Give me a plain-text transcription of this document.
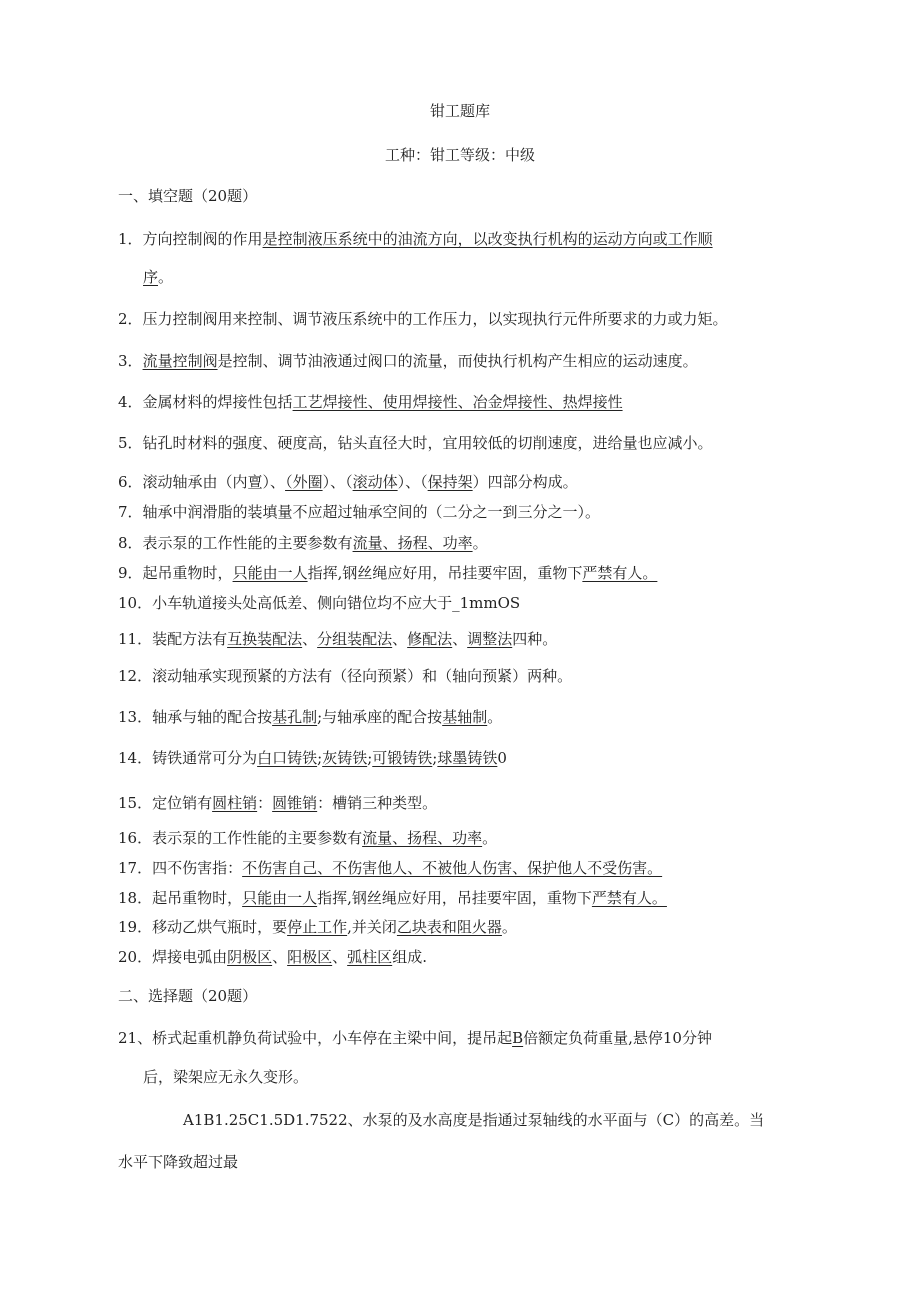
钳工题库
工种：钳工等级：中级
一、填空题（20题）
1．方向控制阀的作用是控制液压系统中的油流方向，以改变执行机构的运动方向或工作顺
序。
2．压力控制阀用来控制、调节液压系统中的工作压力，以实现执行元件所要求的力或力矩。
3．流量控制阀是控制、调节油液通过阀口的流量，而使执行机构产生相应的运动速度。
4．金属材料的焊接性包括工艺焊接性、使用焊接性、冶金焊接性、热焊接性
5．钻孔时材料的强度、硬度高，钻头直径大时，宜用较低的切削速度，进给量也应减小。
6．滚动轴承由（内亶）、（外圈）、（滚动体）、（保持架）四部分构成。
7．轴承中润滑脂的装填量不应超过轴承空间的（二分之一到三分之一）。
8．表示泵的工作性能的主要参数有流量、扬程、功率。
9．起吊重物时，只能由一人指挥,钢丝绳应好用，吊挂要牢固，重物下严禁有人。
10．小车轨道接头处高低差、侧向错位均不应大于_1mmOS
11．装配方法有互换装配法、分组装配法、修配法、调整法四种。
12．滚动轴承实现预紧的方法有（径向预紧）和（轴向预紧）两种。
13．轴承与轴的配合按基孔制;与轴承座的配合按基轴制。
14．铸铁通常可分为白口铸铁;灰铸铁;可锻铸铁;球墨铸铁0
15．定位销有圆柱销：圆锥销：槽销三种类型。
16．表示泵的工作性能的主要参数有流量、扬程、功率。
17．四不伤害指：不伤害自己、不伤害他人、不被他人伤害、保护他人不受伤害。
18．起吊重物时，只能由一人指挥,钢丝绳应好用，吊挂要牢固，重物下严禁有人。
19．移动乙烘气瓶时，要停止工作,并关闭乙块表和阻火器。
20．焊接电弧由阴极区、阳极区、弧柱区组成.
二、选择题（20题）
21、桥式起重机静负荷试验中，小车停在主梁中间，提吊起B倍额定负荷重量,悬停10分钟
后，梁架应无永久变形。
A1B1.25C1.5D1.7522、水泵的及水高度是指通过泵轴线的水平面与（C）的高差。当
水平下降致超过最
